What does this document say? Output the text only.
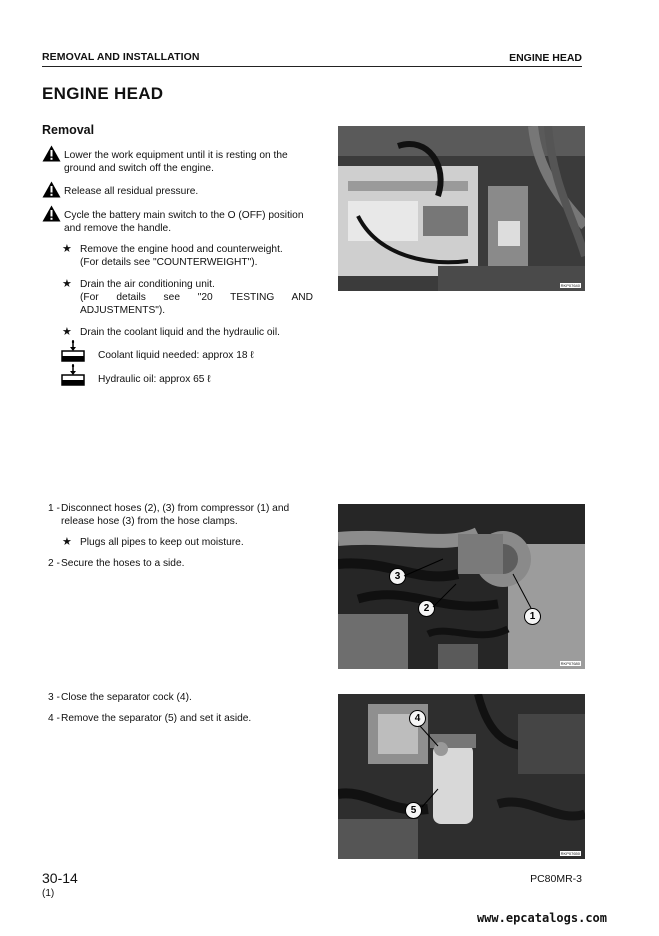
REMOVAL AND INSTALLATION	ENGINE HEAD
ENGINE HEAD
Removal
Lower the work equipment until it is resting on the ground and switch off the engine.
Release all residual pressure.
Cycle the battery main switch to the O (OFF) position and remove the handle.
★ Remove the engine hood and counterweight.
(For details see "COUNTERWEIGHT").
★ Drain the air conditioning unit.
(For details see "20 TESTING AND
ADJUSTMENTS").
★ Drain the coolant liquid and the hydraulic oil.
Coolant liquid needed: approx 18 ℓ
Hydraulic oil: approx 65 ℓ
RKP07640
1 - Disconnect hoses (2), (3) from compressor (1) and
release hose (3) from the hose clamps.
★ Plugs all pipes to keep out moisture.
2 - Secure the hoses to a side.
3
2
1
RKP07680
3 - Close the separator cock (4).
4 - Remove the separator (5) and set it aside.	4
5
RKP07650
30-14
(1)
PC80MR-3
www.epcatalogs.com
